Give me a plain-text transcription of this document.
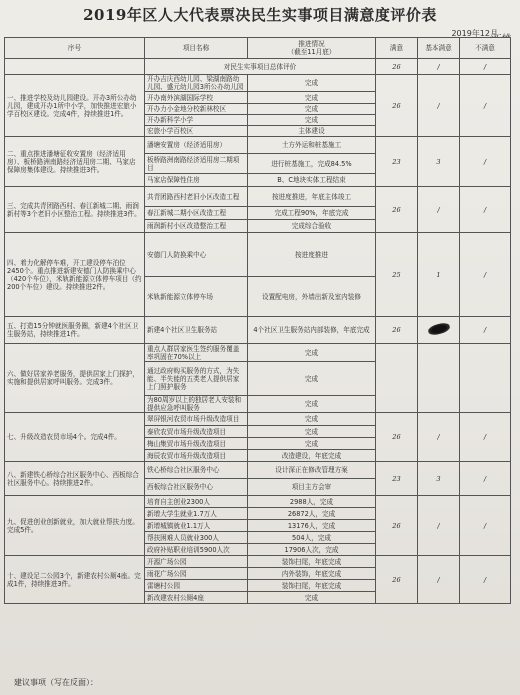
2019年区人大代表票决民生实事项目满意度评价表
2019年12月
序号	项目名称	推进情况
（截至11月底）	满意	基本满意	不满意
	对民生实事项目总体评价		26	/	/
一、推进学校及幼儿园建设。开办3所公办幼儿园，建成开办1所中小学，加快推进宏旅小学百校区建设。完成4件，持续推进1件。	开办吉庆西幼儿园、梁湖南路幼儿园、盛元幼儿园3所公办幼儿园	完成	26	/	/
	开办南外滨湖国际学校	完成			
	开办力小金地分校新林校区	完成			
	开办新科学小学	完成			
	宏旅小学百校区	主体建设			
二、重点推进潘塘征收安置房（经济适用房）、板桥路洲南路经济适用房二期、马家店保障房集体建设。持续推进3件。	潘塘安置房（经济适用房）	土方外运和桩基施工	23	3	/
	板桥路洲南路经济适用房二期项目	进行桩基施工，完成84.5%			
	马家店保障性住房	B、C地块实体工程结束			
三、完成共青团路西村、春江新城二期、雨润新村等3个老旧小区整治工程。持续推进3件。	共青团路西村老旧小区改造工程	按进度推进，年底主体竣工	26	/	/
	春江新城二期小区改造工程	完成工程90%，年底完成			
	雨润新村小区改造整治工程	完成综合验收			
四、着力化解停车难，开工建设停车泊位2450个。重点推进新建安德门人防换乘中心（420个车位），米轨新能源立体停车项目（约200个车位）建设。持续推进2件。	安德门人防换乘中心	按进度推进	25	1	/
	米轨新能源立体停车场	设置配电房，外墙出新及室内装修			
五、打造15分钟就医服务圈，新建4个社区卫生服务站，持续推进1件。	新建4个社区卫生服务站	4个社区卫生服务站内部装修，年底完成	26		/
六、做好居家养老服务，提供居家上门探护，实施和提供居家呼叫服务。完成3件。	重点人群居家医生签约服务覆盖率巩固在70%以上	完成			
	通过政府购买服务的方式，为失能、半失能的五类老人提供居家上门照护服务	完成			
	为80周岁以上的独居老人安装和提供应急呼叫服务	完成			
七、升级改造农贸市场4个。完成4件。	翠屏银河农贸市场升级改造项目	完成	26	/	/
	泰欣农贸市场升级改造项目	完成			
	梅山集贸市场升级改造项目	完成			
	海辰农贸市场升级改造项目	改造建设，年底完成			
八、新建铁心桥综合社区服务中心、西板综合社区服务中心。持续推进2件。	铁心桥综合社区服务中心	设计深正在修改管理方案	23	3	/
	西板综合社区服务中心	项目主方会审			
九、促进创业创新就业，加大就业帮扶力度。完成5件。	培育自主创业2300人	2988人，完成	26	/	/
	新增大学生就业1.7万人	26872人，完成			
	新增城镇就业1.1万人	13176人，完成			
	帮扶困难人员就业300人	504人，完成			
	政府补贴职业培训5900人次	17906人次，完成			
十、建设足二公园3个，新建农村公厕4座。完成1件，持续推进3件。	开源广场公园	装饰扫尾，年底完成	26	/	/
	雨花广场公园	内外装饰，年底完成			
	雷塘村公园	装饰扫尾，年底完成			
	新改建农村公厕4座	完成			
建议事项（写在反面）：
